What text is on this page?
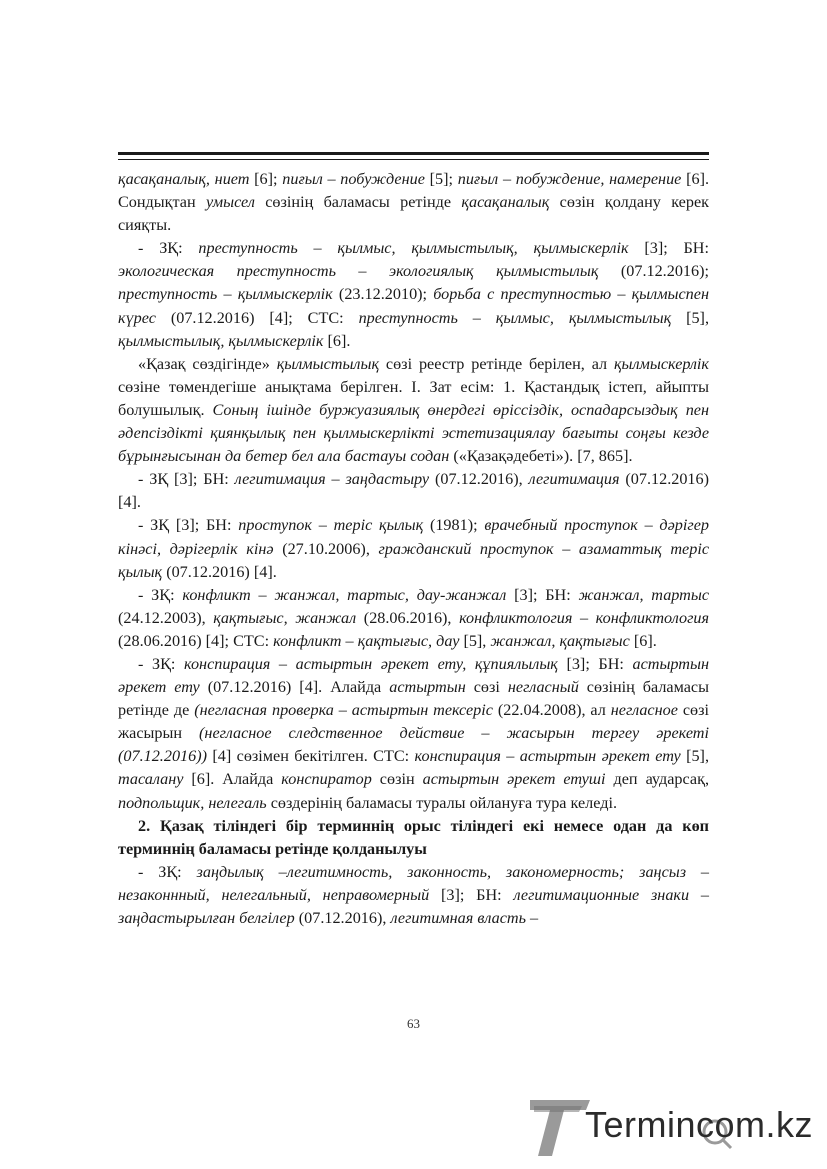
қасақаналық, ниет [6]; пиғыл – побуждение [5]; пиғыл – побуждение, намерение [6]. Сондықтан умысел сөзінің баламасы ретінде қасақаналық сөзін қолдану керек сияқты.

- ЗҚ: преступность – қылмыс, қылмыстылық, қылмыскерлік [3]; БН: экологическая преступность – экологиялық қылмыстылық (07.12.2016); преступность – қылмыскерлік (23.12.2010); борьба с преступностью – қылмыспен күрес (07.12.2016) [4]; СТС: преступность – қылмыс, қылмыстылық [5], қылмыстылық, қылмыскерлік [6].

«Қазақ сөздігінде» қылмыстылық сөзі реестр ретінде берілен, ал қылмыскерлік сөзіне төмендегіше анықтама берілген. І. Зат есім: 1. Қастандық істеп, айыпты болушылық. Соның ішінде буржуазиялық өнердегі өріссіздік, оспадарсыздық пен әдепсіздікті қиянқылық пен қылмыскерлікті эстетизациялау бағыты соңғы кезде бұрынғысынан да бетер бел ала бастауы содан («Қазақәдебеті»). [7, 865].

- ЗҚ [3]; БН: легитимация – заңдастыру (07.12.2016), легитимация (07.12.2016) [4].

- ЗҚ [3]; БН: проступок – теріс қылық (1981); врачебный проступок – дәрігер кінәсі, дәрігерлік кінә (27.10.2006), гражданский проступок – азаматтық теріс қылық (07.12.2016) [4].

- ЗҚ: конфликт – жанжал, тартыс, дау-жанжал [3]; БН: жанжал, тартыс (24.12.2003), қақтығыс, жанжал (28.06.2016), конфликтология – конфликтология (28.06.2016) [4]; СТС: конфликт – қақтығыс, дау [5], жанжал, қақтығыс [6].

- ЗҚ: конспирация – астыртын әрекет ету, құпиялылық [3]; БН: астыртын әрекет ету (07.12.2016) [4]. Алайда астыртын сөзі негласный сөзінің баламасы ретінде де (негласная проверка – астыртын тексеріс (22.04.2008), ал негласное сөзі жасырын (негласное следственное действие – жасырын тергеу әрекеті (07.12.2016)) [4] сөзімен бекітілген. СТС: конспирация – астыртын әрекет ету [5], тасалану [6]. Алайда конспиратор сөзін астыртын әрекет етуші деп аударсақ, подпольщик, нелегаль сөздерінің баламасы туралы ойлануға тура келеді.

2. Қазақ тіліндегі бір терминнің орыс тіліндегі екі немесе одан да көп терминнің баламасы ретінде қолданылуы

- ЗҚ: заңдылық –легитимность, законность, закономерность; заңсыз – незаконнный, нелегальный, неправомерный [3]; БН: легитимационные знаки – заңдастырылған белгілер (07.12.2016), легитимная власть –

63
Termincom.kz
